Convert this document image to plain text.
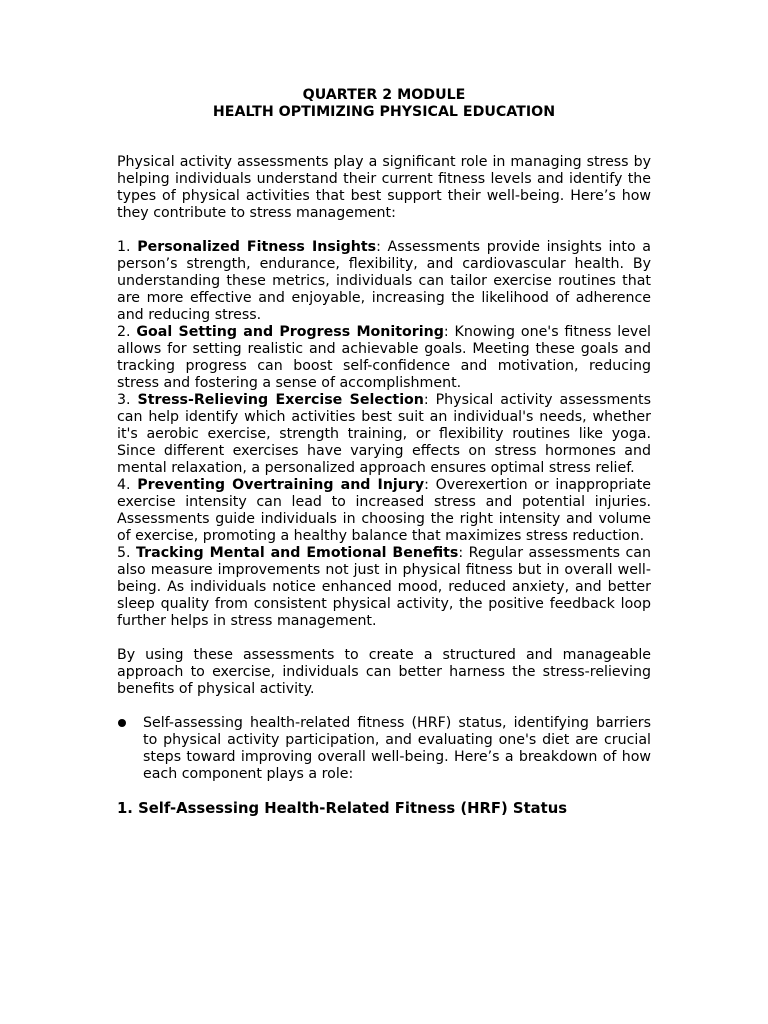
QUARTER 2 MODULE
HEALTH OPTIMIZING PHYSICAL EDUCATION

Physical activity assessments play a significant role in managing stress by helping individuals understand their current fitness levels and identify the types of physical activities that best support their well-being. Here’s how they contribute to stress management:

1. Personalized Fitness Insights: Assessments provide insights into a person’s strength, endurance, flexibility, and cardiovascular health. By understanding these metrics, individuals can tailor exercise routines that are more effective and enjoyable, increasing the likelihood of adherence and reducing stress.
2. Goal Setting and Progress Monitoring: Knowing one's fitness level allows for setting realistic and achievable goals. Meeting these goals and tracking progress can boost self-confidence and motivation, reducing stress and fostering a sense of accomplishment.
3. Stress-Relieving Exercise Selection: Physical activity assessments can help identify which activities best suit an individual's needs, whether it's aerobic exercise, strength training, or flexibility routines like yoga. Since different exercises have varying effects on stress hormones and mental relaxation, a personalized approach ensures optimal stress relief.
4. Preventing Overtraining and Injury: Overexertion or inappropriate exercise intensity can lead to increased stress and potential injuries. Assessments guide individuals in choosing the right intensity and volume of exercise, promoting a healthy balance that maximizes stress reduction.
5. Tracking Mental and Emotional Benefits: Regular assessments can also measure improvements not just in physical fitness but in overall well-being. As individuals notice enhanced mood, reduced anxiety, and better sleep quality from consistent physical activity, the positive feedback loop further helps in stress management.

By using these assessments to create a structured and manageable approach to exercise, individuals can better harness the stress-relieving benefits of physical activity.

Self-assessing health-related fitness (HRF) status, identifying barriers to physical activity participation, and evaluating one's diet are crucial steps toward improving overall well-being. Here’s a breakdown of how each component plays a role:
1. Self-Assessing Health-Related Fitness (HRF) Status
